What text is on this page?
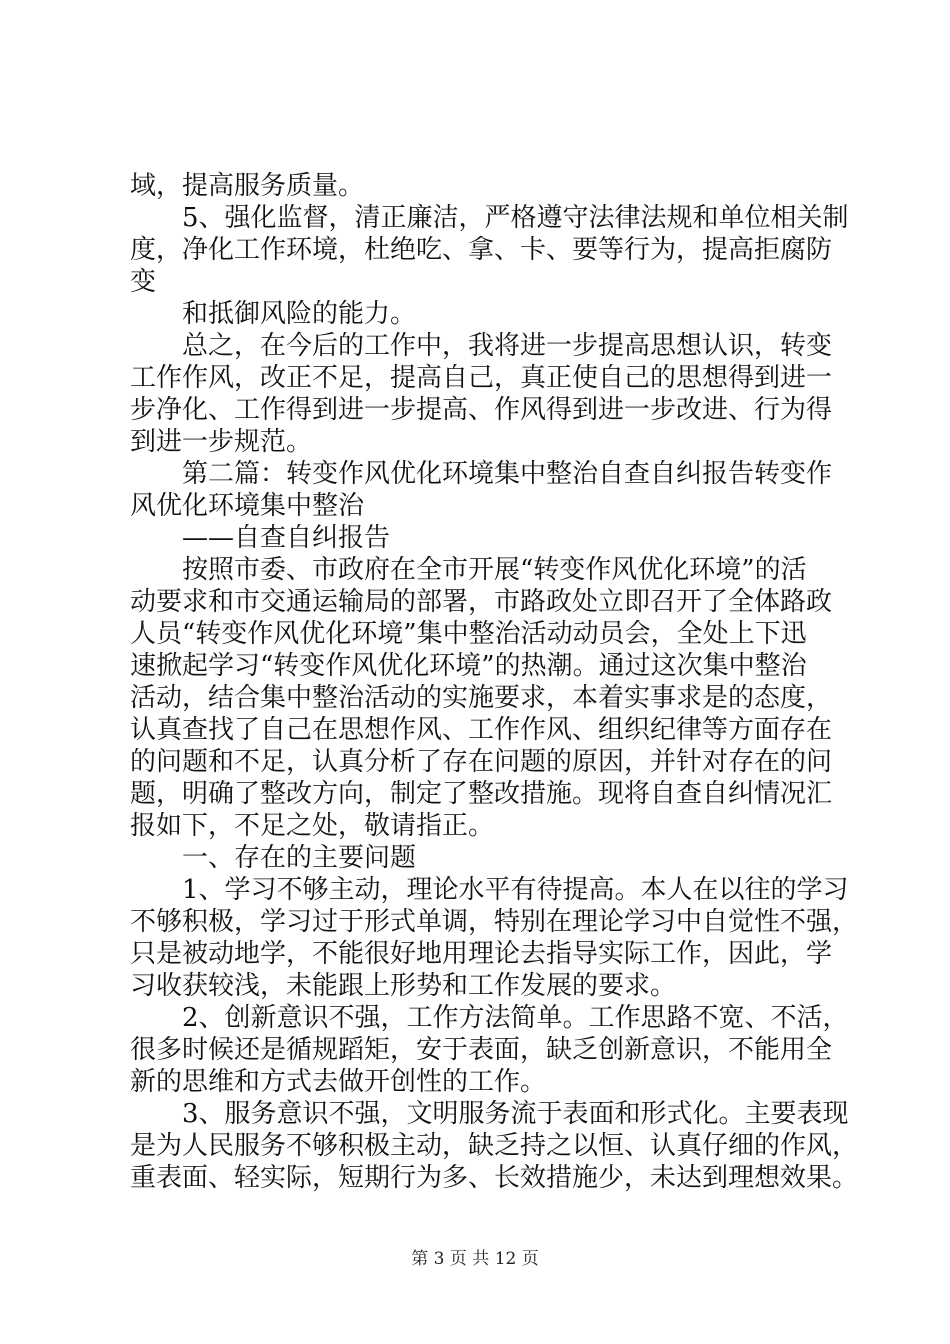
域，提高服务质量。
5、强化监督，清正廉洁，严格遵守法律法规和单位相关制
度，净化工作环境，杜绝吃、拿、卡、要等行为，提高拒腐防
变
和抵御风险的能力。
总之，在今后的工作中，我将进一步提高思想认识，转变
工作作风，改正不足，提高自己，真正使自己的思想得到进一
步净化、工作得到进一步提高、作风得到进一步改进、行为得
到进一步规范。
第二篇：转变作风优化环境集中整治自查自纠报告转变作
风优化环境集中整治
——自查自纠报告
按照市委、市政府在全市开展“转变作风优化环境”的活
动要求和市交通运输局的部署，市路政处立即召开了全体路政
人员“转变作风优化环境”集中整治活动动员会，全处上下迅
速掀起学习“转变作风优化环境”的热潮。通过这次集中整治
活动，结合集中整治活动的实施要求，本着实事求是的态度，
认真查找了自己在思想作风、工作作风、组织纪律等方面存在
的问题和不足，认真分析了存在问题的原因，并针对存在的问
题，明确了整改方向，制定了整改措施。现将自查自纠情况汇
报如下，不足之处，敬请指正。
一、存在的主要问题
1、学习不够主动，理论水平有待提高。本人在以往的学习
不够积极，学习过于形式单调，特别在理论学习中自觉性不强，
只是被动地学，不能很好地用理论去指导实际工作，因此，学
习收获较浅，未能跟上形势和工作发展的要求。
2、创新意识不强，工作方法简单。工作思路不宽、不活，
很多时候还是循规蹈矩，安于表面，缺乏创新意识，不能用全
新的思维和方式去做开创性的工作。
3、服务意识不强，文明服务流于表面和形式化。主要表现
是为人民服务不够积极主动，缺乏持之以恒、认真仔细的作风，
重表面、轻实际，短期行为多、长效措施少，未达到理想效果。
第 3 页 共 12 页
